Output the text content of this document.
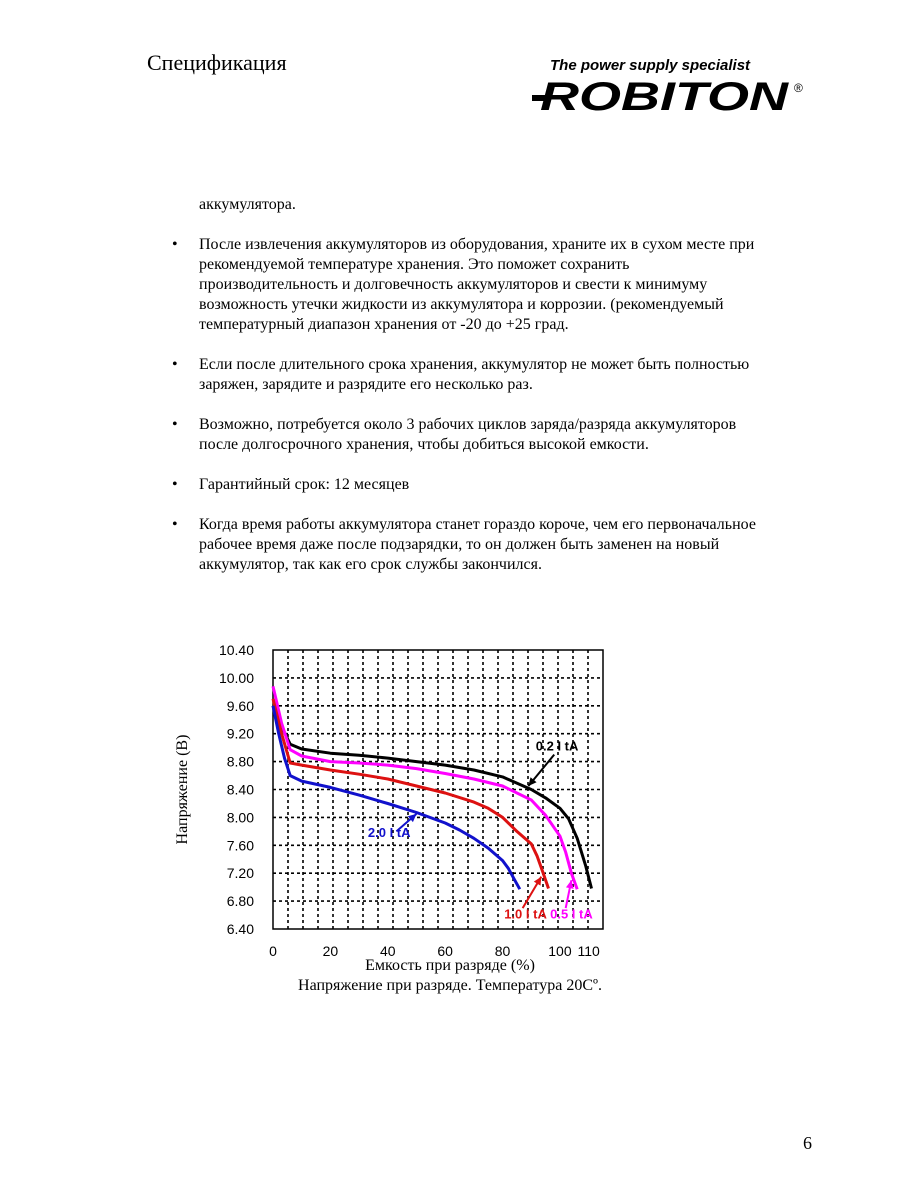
Спецификация	The power supply specialist
ROBITON ®
аккумулятора.
• После извлечения аккумуляторов из оборудования, храните их в сухом месте при
рекомендуемой температуре хранения. Это поможет сохранить
производительность и долговечность аккумуляторов и свести к минимуму
возможность утечки жидкости из аккумулятора и коррозии. (рекомендуемый
температурный диапазон хранения от -20 до +25 град.
• Если после длительного срока хранения, аккумулятор не может быть полностью
заряжен, зарядите и разрядите его несколько раз.
• Возможно, потребуется около 3 рабочих циклов заряда/разряда аккумуляторов
после долгосрочного хранения, чтобы добиться высокой емкости.
• Гарантийный срок: 12 месяцев
• Когда время работы аккумулятора станет гораздо короче, чем его первоначальное
рабочее время даже после подзарядки, то он должен быть заменен на новый
аккумулятор, так как его срок службы закончился.
10.40
10.00
9.60
9.20
8.80
8.40
8.00
7.60
7.20
6.80
6.40
0	20	40	60	80	100 110
Напряжение (В)	0.2 I tA
2.0 I tA
1.0 I tA 0.5 I tA
Емкость при разряде (%)
Напряжение при разряде. Температура 20Cº.
6
